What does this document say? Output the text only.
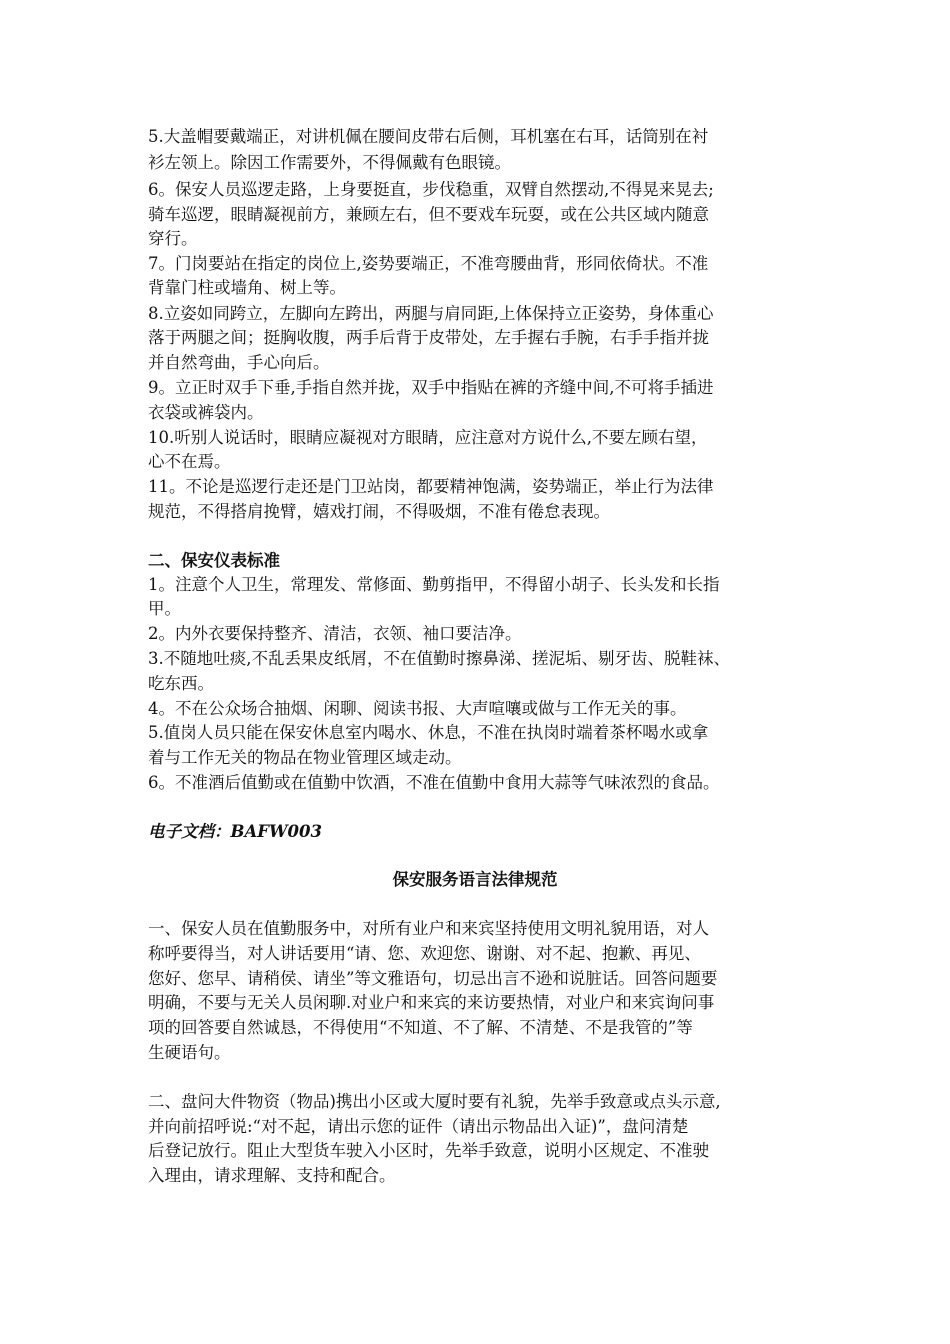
5.大盖帽要戴端正，对讲机佩在腰间皮带右后侧，耳机塞在右耳，话筒别在衬
衫左领上。除因工作需要外，不得佩戴有色眼镜。
6。保安人员巡逻走路，上身要挺直，步伐稳重，双臂自然摆动,不得晃来晃去;
骑车巡逻，眼睛凝视前方，兼顾左右，但不要戏车玩耍，或在公共区域内随意
穿行。
7。门岗要站在指定的岗位上,姿势要端正，不准弯腰曲背，形同依倚状。不准
背靠门柱或墙角、树上等。
8.立姿如同跨立，左脚向左跨出，两腿与肩同距,上体保持立正姿势，身体重心
落于两腿之间；挺胸收腹，两手后背于皮带处，左手握右手腕，右手手指并拢
并自然弯曲，手心向后。
9。立正时双手下垂,手指自然并拢，双手中指贴在裤的齐缝中间,不可将手插进
衣袋或裤袋内。
10.听别人说话时，眼睛应凝视对方眼睛，应注意对方说什么,不要左顾右望，
心不在焉。
11。不论是巡逻行走还是门卫站岗，都要精神饱满，姿势端正，举止行为法律
规范，不得搭肩挽臂，嬉戏打闹，不得吸烟，不准有倦怠表现。
二、保安仪表标准
1。注意个人卫生，常理发、常修面、勤剪指甲，不得留小胡子、长头发和长指
甲。
2。内外衣要保持整齐、清洁，衣领、袖口要洁净。
3.不随地吐痰,不乱丢果皮纸屑，不在值勤时擦鼻涕、搓泥垢、剔牙齿、脱鞋袜、
吃东西。
4。不在公众场合抽烟、闲聊、阅读书报、大声喧嚷或做与工作无关的事。
5.值岗人员只能在保安休息室内喝水、休息，不准在执岗时端着茶杯喝水或拿
着与工作无关的物品在物业管理区域走动。
6。不准酒后值勤或在值勤中饮酒，不准在值勤中食用大蒜等气味浓烈的食品。
电子文档：BAFW003
保安服务语言法律规范
一、保安人员在值勤服务中，对所有业户和来宾坚持使用文明礼貌用语，对人
称呼要得当，对人讲话要用“请、您、欢迎您、谢谢、对不起、抱歉、再见、
您好、您早、请稍侯、请坐”等文雅语句，切忌出言不逊和说脏话。回答问题要
明确，不要与无关人员闲聊.对业户和来宾的来访要热情，对业户和来宾询问事
项的回答要自然诚恳，不得使用“不知道、不了解、不清楚、不是我管的”等
生硬语句。
二、盘问大件物资（物品)携出小区或大厦时要有礼貌，先举手致意或点头示意,
并向前招呼说:“对不起，请出示您的证件（请出示物品出入证)”，盘问清楚
后登记放行。阻止大型货车驶入小区时，先举手致意，说明小区规定、不准驶
入理由，请求理解、支持和配合。
